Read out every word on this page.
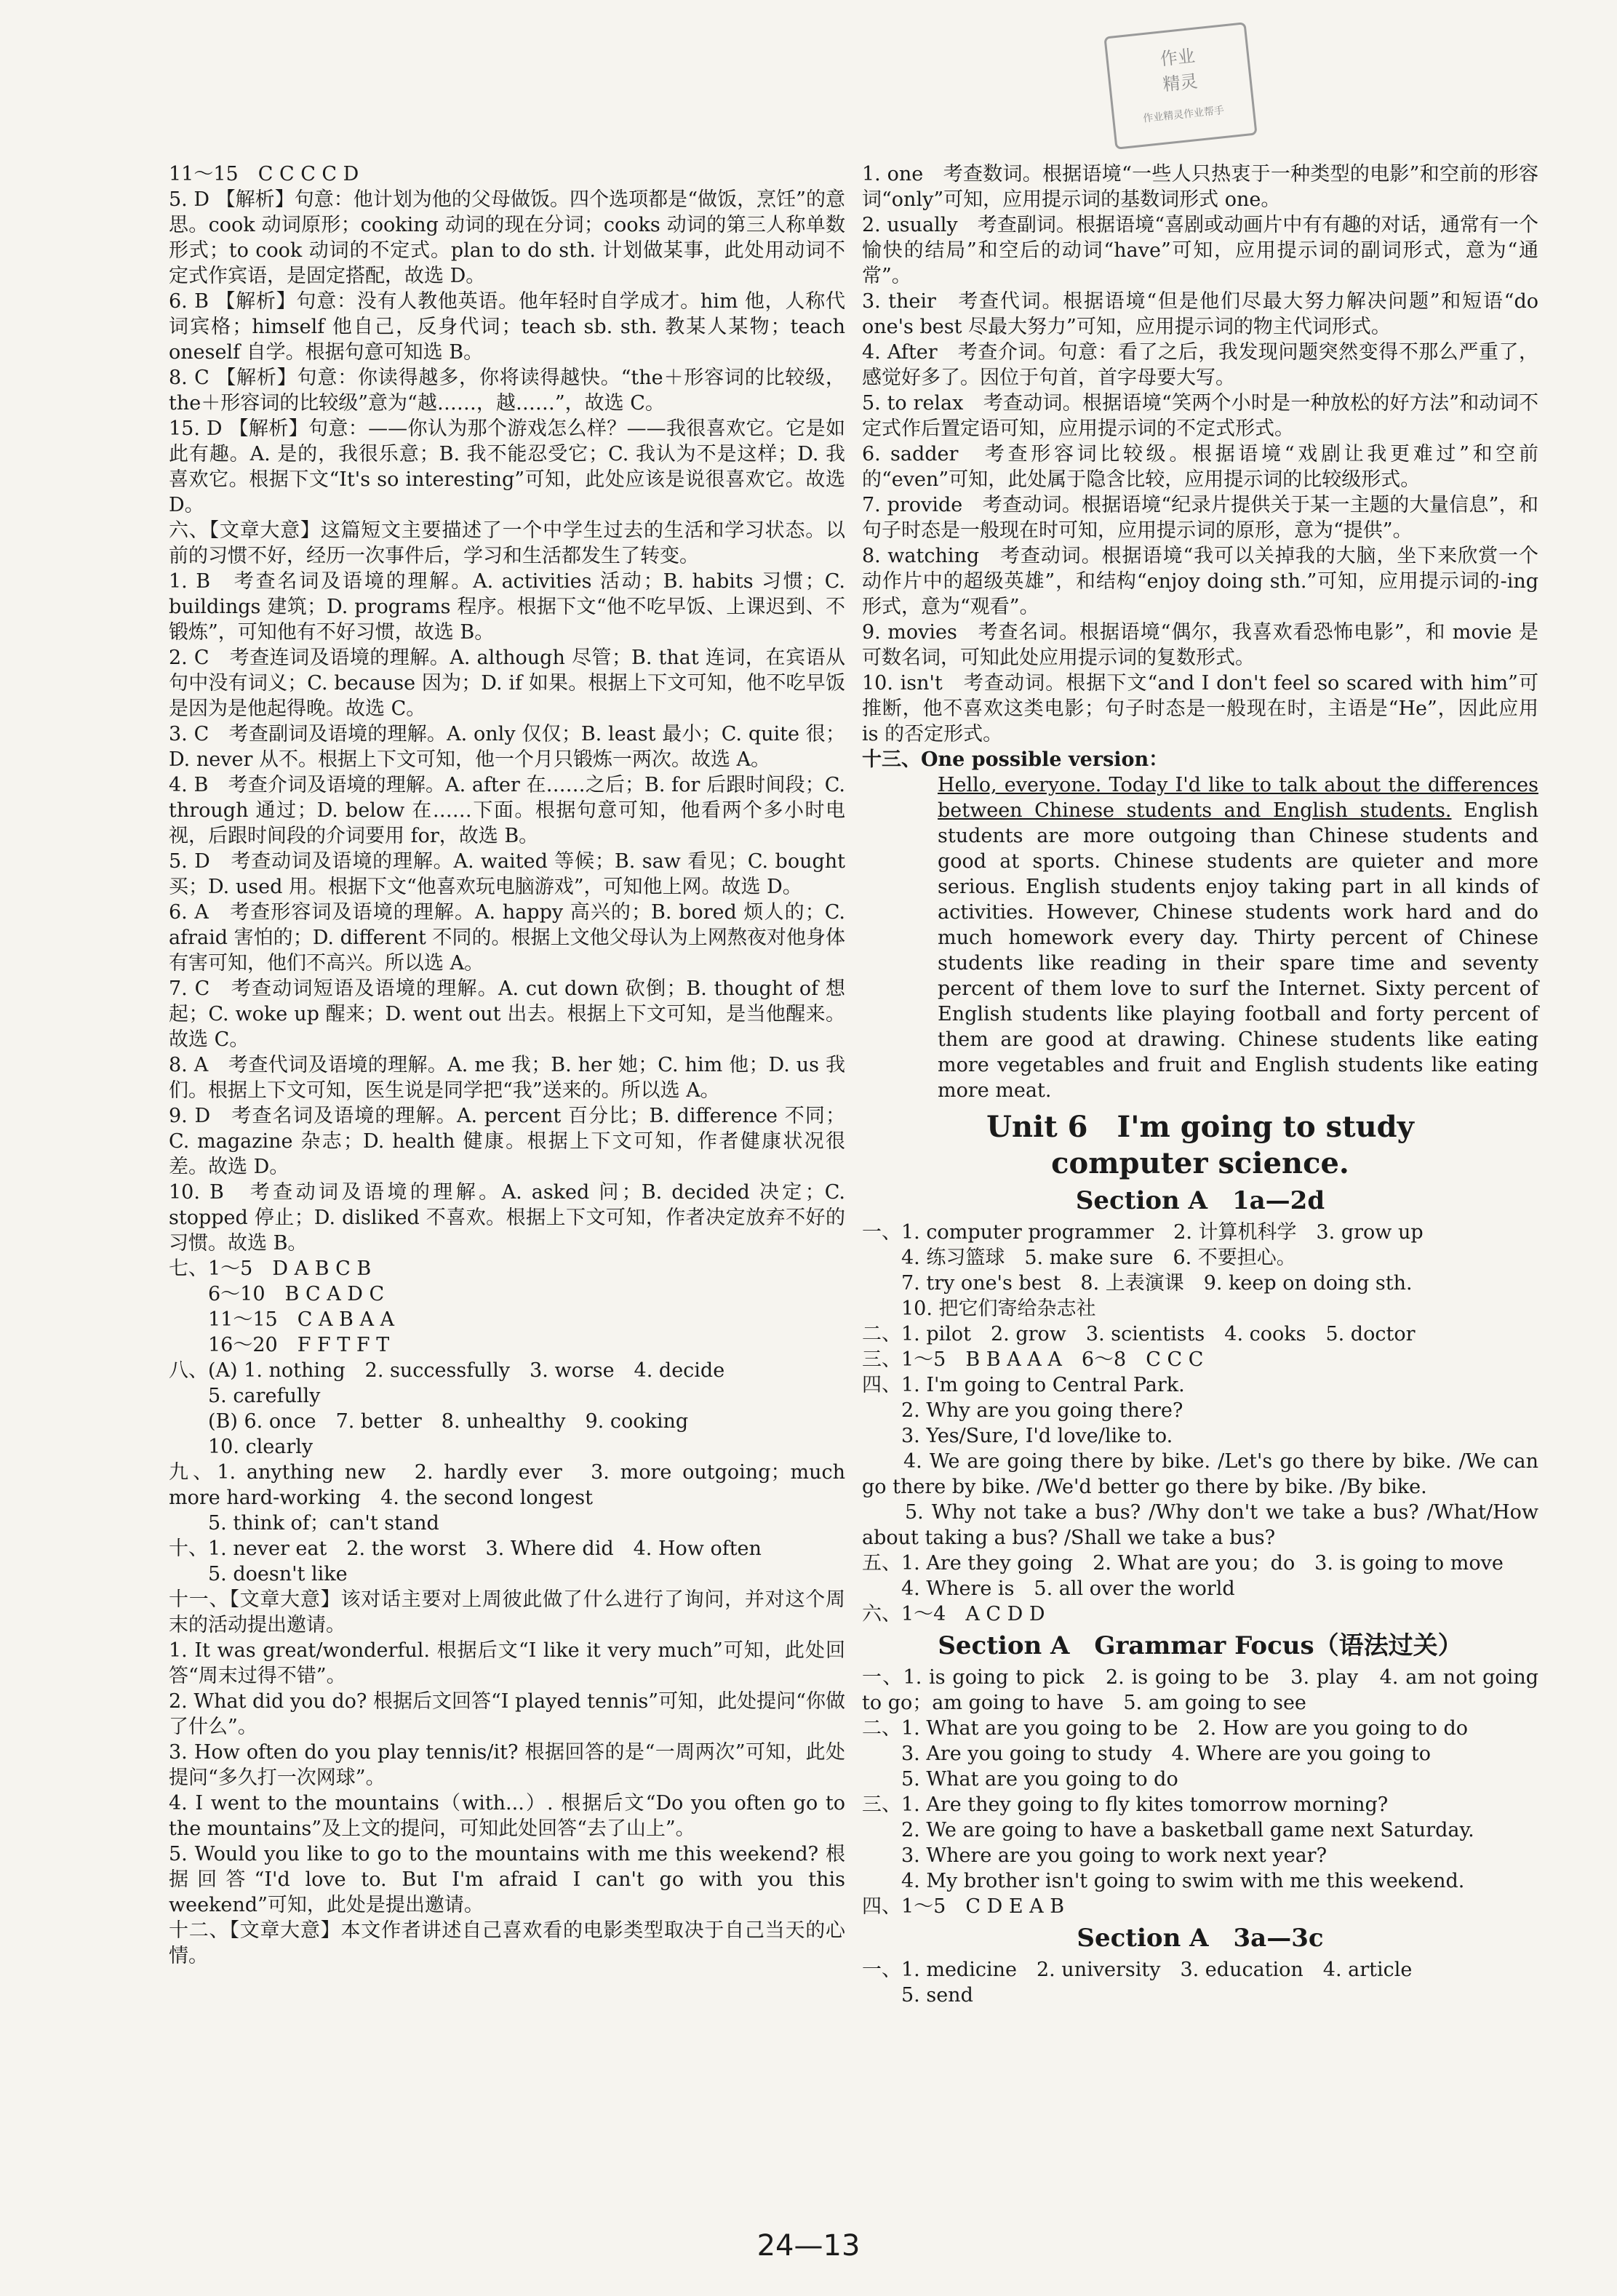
作业
精灵
作业精灵作业帮手
11～15　C C C C D
5. D 【解析】句意：他计划为他的父母做饭。四个选项都是“做饭，烹饪”的意思。cook 动词原形；cooking 动词的现在分词；cooks 动词的第三人称单数形式；to cook 动词的不定式。plan to do sth. 计划做某事，此处用动词不定式作宾语，是固定搭配，故选 D。
6. B 【解析】句意：没有人教他英语。他年轻时自学成才。him 他，人称代词宾格；himself 他自己，反身代词；teach sb. sth. 教某人某物；teach oneself 自学。根据句意可知选 B。
8. C 【解析】句意：你读得越多，你将读得越快。“the＋形容词的比较级，the＋形容词的比较级”意为“越……，越……”，故选 C。
15. D 【解析】句意：——你认为那个游戏怎么样？——我很喜欢它。它是如此有趣。A. 是的，我很乐意；B. 我不能忍受它；C. 我认为不是这样；D. 我喜欢它。根据下文“It's so interesting”可知，此处应该是说很喜欢它。故选 D。
六、【文章大意】这篇短文主要描述了一个中学生过去的生活和学习状态。以前的习惯不好，经历一次事件后，学习和生活都发生了转变。
1. B　考查名词及语境的理解。A. activities 活动；B. habits 习惯；C. buildings 建筑；D. programs 程序。根据下文“他不吃早饭、上课迟到、不锻炼”，可知他有不好习惯，故选 B。
2. C　考查连词及语境的理解。A. although 尽管；B. that 连词，在宾语从句中没有词义；C. because 因为；D. if 如果。根据上下文可知，他不吃早饭是因为是他起得晚。故选 C。
3. C　考查副词及语境的理解。A. only 仅仅；B. least 最小；C. quite 很；D. never 从不。根据上下文可知，他一个月只锻炼一两次。故选 A。
4. B　考查介词及语境的理解。A. after 在……之后；B. for 后跟时间段；C. through 通过；D. below 在……下面。根据句意可知，他看两个多小时电视，后跟时间段的介词要用 for，故选 B。
5. D　考查动词及语境的理解。A. waited 等候；B. saw 看见；C. bought 买；D. used 用。根据下文“他喜欢玩电脑游戏”，可知他上网。故选 D。
6. A　考查形容词及语境的理解。A. happy 高兴的；B. bored 烦人的；C. afraid 害怕的；D. different 不同的。根据上文他父母认为上网熬夜对他身体有害可知，他们不高兴。所以选 A。
7. C　考查动词短语及语境的理解。A. cut down 砍倒；B. thought of 想起；C. woke up 醒来；D. went out 出去。根据上下文可知，是当他醒来。故选 C。
8. A　考查代词及语境的理解。A. me 我；B. her 她；C. him 他；D. us 我们。根据上下文可知，医生说是同学把“我”送来的。所以选 A。
9. D　考查名词及语境的理解。A. percent 百分比；B. difference 不同；C. magazine 杂志；D. health 健康。根据上下文可知，作者健康状况很差。故选 D。
10. B　考查动词及语境的理解。A. asked 问；B. decided 决定；C. stopped 停止；D. disliked 不喜欢。根据上下文可知，作者决定放弃不好的习惯。故选 B。
七、1～5　D A B C B
　　6～10　B C A D C
　　11～15　C A B A A
　　16～20　F F T F T
八、(A) 1. nothing　2. successfully　3. worse　4. decide
　　5. carefully
　　(B) 6. once　7. better　8. unhealthy　9. cooking
　　10. clearly
九、1. anything new　2. hardly ever　3. more outgoing；much more hard-working　4. the second longest
　　5. think of；can't stand
十、1. never eat　2. the worst　3. Where did　4. How often
　　5. doesn't like
十一、【文章大意】该对话主要对上周彼此做了什么进行了询问，并对这个周末的活动提出邀请。
1. It was great/wonderful. 根据后文“I like it very much”可知，此处回答“周末过得不错”。
2. What did you do? 根据后文回答“I played tennis”可知，此处提问“你做了什么”。
3. How often do you play tennis/it? 根据回答的是“一周两次”可知，此处提问“多久打一次网球”。
4. I went to the mountains（with...）. 根据后文“Do you often go to the mountains”及上文的提问，可知此处回答“去了山上”。
5. Would you like to go to the mountains with me this weekend? 根据回答“I'd love to. But I'm afraid I can't go with you this weekend”可知，此处是提出邀请。
十二、【文章大意】本文作者讲述自己喜欢看的电影类型取决于自己当天的心情。
1. one　考查数词。根据语境“一些人只热衷于一种类型的电影”和空前的形容词“only”可知，应用提示词的基数词形式 one。
2. usually　考查副词。根据语境“喜剧或动画片中有有趣的对话，通常有一个愉快的结局”和空后的动词“have”可知，应用提示词的副词形式，意为“通常”。
3. their　考查代词。根据语境“但是他们尽最大努力解决问题”和短语“do one's best 尽最大努力”可知，应用提示词的物主代词形式。
4. After　考查介词。句意：看了之后，我发现问题突然变得不那么严重了，感觉好多了。因位于句首，首字母要大写。
5. to relax　考查动词。根据语境“笑两个小时是一种放松的好方法”和动词不定式作后置定语可知，应用提示词的不定式形式。
6. sadder　考查形容词比较级。根据语境“戏剧让我更难过”和空前的“even”可知，此处属于隐含比较，应用提示词的比较级形式。
7. provide　考查动词。根据语境“纪录片提供关于某一主题的大量信息”，和句子时态是一般现在时可知，应用提示词的原形，意为“提供”。
8. watching　考查动词。根据语境“我可以关掉我的大脑，坐下来欣赏一个动作片中的超级英雄”，和结构“enjoy doing sth.”可知，应用提示词的-ing 形式，意为“观看”。
9. movies　考查名词。根据语境“偶尔，我喜欢看恐怖电影”，和 movie 是可数名词，可知此处应用提示词的复数形式。
10. isn't　考查动词。根据下文“and I don't feel so scared with him”可推断，他不喜欢这类电影；句子时态是一般现在时，主语是“He”，因此应用 is 的否定形式。
十三、One possible version：
Hello, everyone. Today I'd like to talk about the differences between Chinese students and English students. English students are more outgoing than Chinese students and good at sports. Chinese students are quieter and more serious. English students enjoy taking part in all kinds of activities. However, Chinese students work hard and do much homework every day. Thirty percent of Chinese students like reading in their spare time and seventy percent of them love to surf the Internet. Sixty percent of English students like playing football and forty percent of them are good at drawing. Chinese students like eating more vegetables and fruit and English students like eating more meat.
Unit 6　I'm going to study
computer science.
Section A　1a—2d
一、1. computer programmer　2. 计算机科学　3. grow up
　　4. 练习篮球　5. make sure　6. 不要担心。
　　7. try one's best　8. 上表演课　9. keep on doing sth.
　　10. 把它们寄给杂志社
二、1. pilot　2. grow　3. scientists　4. cooks　5. doctor
三、1～5　B B A A A　6～8　C C C
四、1. I'm going to Central Park.
　　2. Why are you going there?
　　3. Yes/Sure, I'd love/like to.
　　4. We are going there by bike. /Let's go there by bike. /We can go there by bike. /We'd better go there by bike. /By bike.
　　5. Why not take a bus? /Why don't we take a bus? /What/How about taking a bus? /Shall we take a bus?
五、1. Are they going　2. What are you；do　3. is going to move
　　4. Where is　5. all over the world
六、1～4　A C D D
Section A　Grammar Focus（语法过关）
一、1. is going to pick　2. is going to be　3. play　4. am not going to go；am going to have　5. am going to see
二、1. What are you going to be　2. How are you going to do
　　3. Are you going to study　4. Where are you going to
　　5. What are you going to do
三、1. Are they going to fly kites tomorrow morning?
　　2. We are going to have a basketball game next Saturday.
　　3. Where are you going to work next year?
　　4. My brother isn't going to swim with me this weekend.
四、1～5　C D E A B
Section A　3a—3c
一、1. medicine　2. university　3. education　4. article
　　5. send
24—13
